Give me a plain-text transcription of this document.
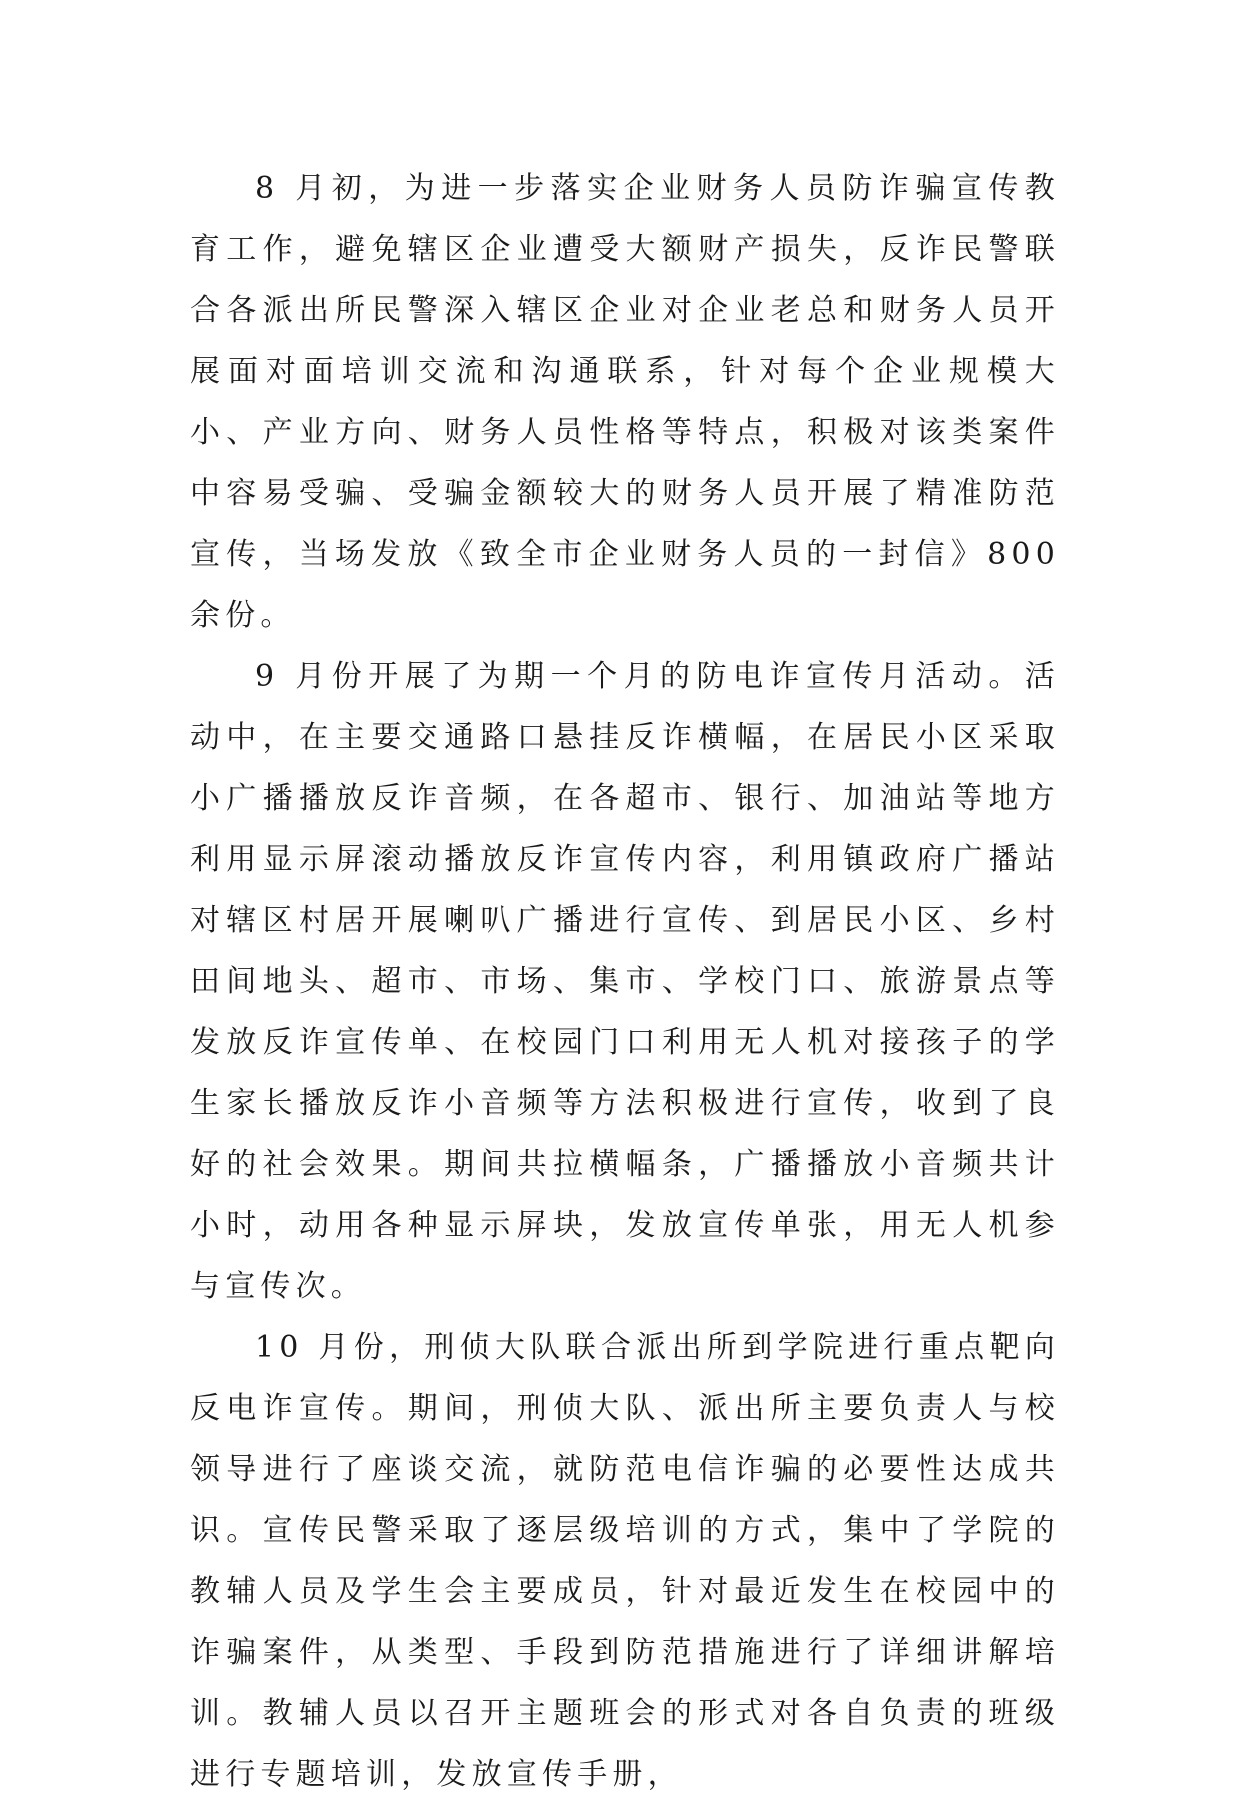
8 月初，为进一步落实企业财务人员防诈骗宣传教育工作，避免辖区企业遭受大额财产损失，反诈民警联合各派出所民警深入辖区企业对企业老总和财务人员开展面对面培训交流和沟通联系，针对每个企业规模大小、产业方向、财务人员性格等特点，积极对该类案件中容易受骗、受骗金额较大的财务人员开展了精准防范宣传，当场发放《致全市企业财务人员的一封信》800 余份。

9 月份开展了为期一个月的防电诈宣传月活动。活动中，在主要交通路口悬挂反诈横幅，在居民小区采取小广播播放反诈音频，在各超市、银行、加油站等地方利用显示屏滚动播放反诈宣传内容，利用镇政府广播站对辖区村居开展喇叭广播进行宣传、到居民小区、乡村田间地头、超市、市场、集市、学校门口、旅游景点等发放反诈宣传单、在校园门口利用无人机对接孩子的学生家长播放反诈小音频等方法积极进行宣传，收到了良好的社会效果。期间共拉横幅条，广播播放小音频共计小时，动用各种显示屏块，发放宣传单张，用无人机参与宣传次。

10 月份，刑侦大队联合派出所到学院进行重点靶向反电诈宣传。期间，刑侦大队、派出所主要负责人与校领导进行了座谈交流，就防范电信诈骗的必要性达成共识。宣传民警采取了逐层级培训的方式，集中了学院的教辅人员及学生会主要成员，针对最近发生在校园中的诈骗案件，从类型、手段到防范措施进行了详细讲解培训。教辅人员以召开主题班会的形式对各自负责的班级进行专题培训，发放宣传手册，
